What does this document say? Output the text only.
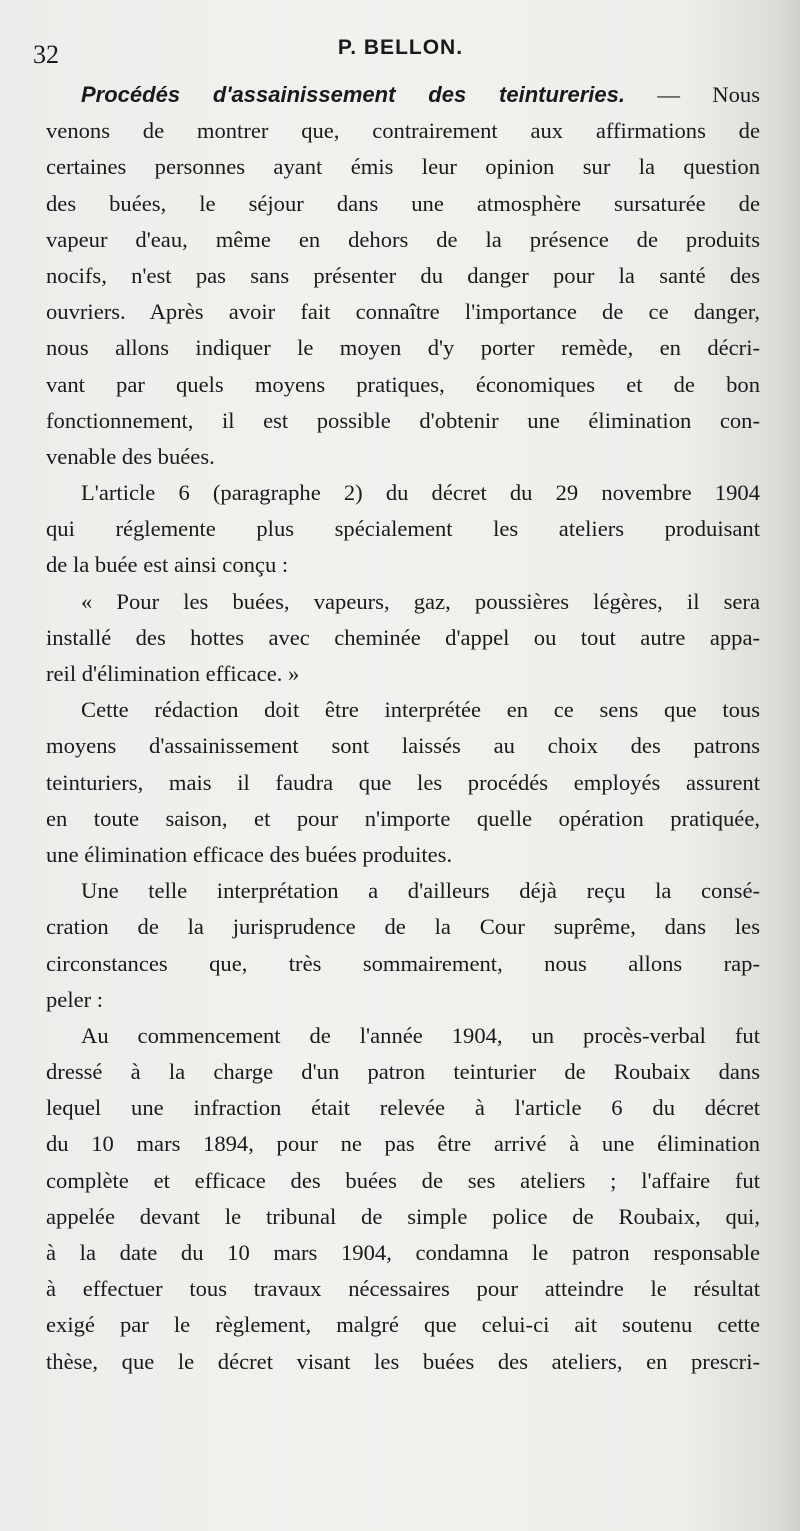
32	P. BELLON.
Procédés d'assainissement des teintureries. — Nous
venons de montrer que, contrairement aux affirmations de
certaines personnes ayant émis leur opinion sur la question
des buées, le séjour dans une atmosphère sursaturée de
vapeur d'eau, même en dehors de la présence de produits
nocifs, n'est pas sans présenter du danger pour la santé des
ouvriers. Après avoir fait connaître l'importance de ce danger,
nous allons indiquer le moyen d'y porter remède, en décri-
vant par quels moyens pratiques, économiques et de bon
fonctionnement, il est possible d'obtenir une élimination con-
venable des buées.
L'article 6 (paragraphe 2) du décret du 29 novembre 1904
qui réglemente plus spécialement les ateliers produisant
de la buée est ainsi conçu :
« Pour les buées, vapeurs, gaz, poussières légères, il sera
installé des hottes avec cheminée d'appel ou tout autre appa-
reil d'élimination efficace. »
Cette rédaction doit être interprétée en ce sens que tous
moyens d'assainissement sont laissés au choix des patrons
teinturiers, mais il faudra que les procédés employés assurent
en toute saison, et pour n'importe quelle opération pratiquée,
une élimination efficace des buées produites.
Une telle interprétation a d'ailleurs déjà reçu la consé-
cration de la jurisprudence de la Cour suprême, dans les
circonstances que, très sommairement, nous allons rap-
peler :
Au commencement de l'année 1904, un procès-verbal fut
dressé à la charge d'un patron teinturier de Roubaix dans
lequel une infraction était relevée à l'article 6 du décret
du 10 mars 1894, pour ne pas être arrivé à une élimination
complète et efficace des buées de ses ateliers ; l'affaire fut
appelée devant le tribunal de simple police de Roubaix, qui,
à la date du 10 mars 1904, condamna le patron responsable
à effectuer tous travaux nécessaires pour atteindre le résultat
exigé par le règlement, malgré que celui-ci ait soutenu cette
thèse, que le décret visant les buées des ateliers, en prescri-
